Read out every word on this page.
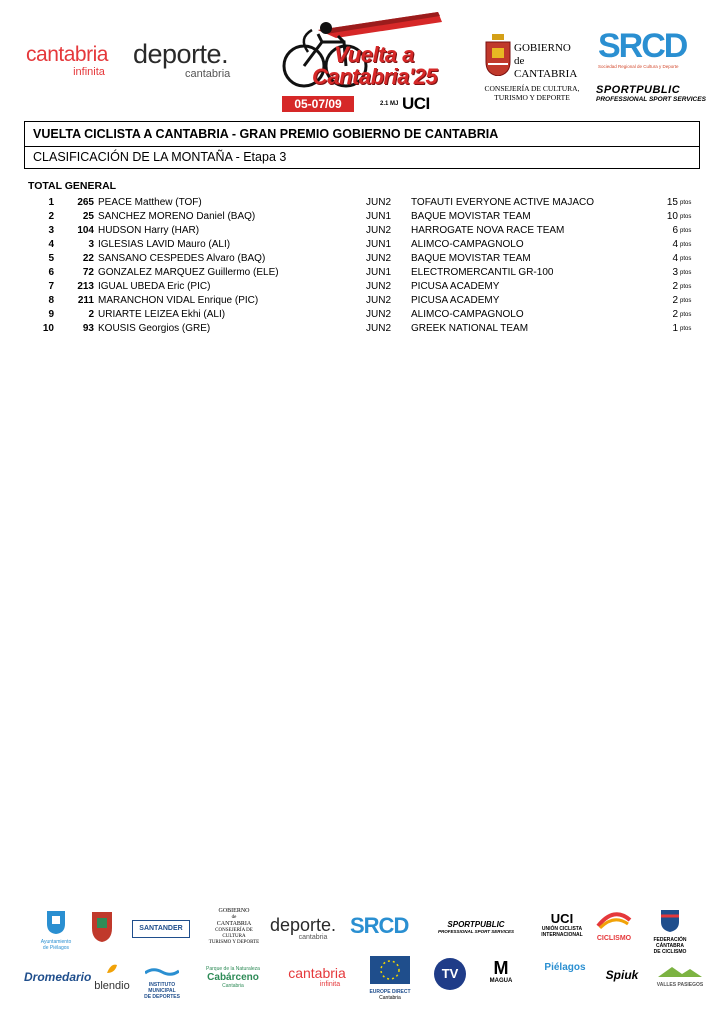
cantabria
infinita
deporte.
cantabria
Vuelta a
Cantabria'25
05-07/09	2.1 MJ UCI
GOBIERNO
de
CANTABRIA
CONSEJERÍA DE CULTURA,
TURISMO Y DEPORTE
SRCD
Sociedad Regional de Cultura y Deporte
SPORTPUBLIC
PROFESSIONAL SPORT SERVICES
VUELTA CICLISTA A CANTABRIA - GRAN PREMIO GOBIERNO DE CANTABRIA
CLASIFICACIÓN DE LA MONTAÑA - Etapa 3
TOTAL GENERAL
1	265 PEACE Matthew (TOF)	JUN2 TOFAUTI EVERYONE ACTIVE MAJACO	15 ptos
2	25 SANCHEZ MORENO Daniel (BAQ)	JUN1 BAQUE MOVISTAR TEAM	10 ptos
3	104 HUDSON Harry (HAR)	JUN2 HARROGATE NOVA RACE TEAM	6 ptos
4	3 IGLESIAS LAVID Mauro (ALI)	JUN1 ALIMCO-CAMPAGNOLO	4 ptos
5	22 SANSANO CESPEDES Alvaro (BAQ)	JUN2 BAQUE MOVISTAR TEAM	4 ptos
6	72 GONZALEZ MARQUEZ Guillermo (ELE)	JUN1 ELECTROMERCANTIL GR-100	3 ptos
7	213 IGUAL UBEDA Eric (PIC)	JUN2 PICUSA ACADEMY	2 ptos
8	211 MARANCHON VIDAL Enrique (PIC)	JUN2 PICUSA ACADEMY	2 ptos
9	2 URIARTE LEIZEA Ekhi (ALI)	JUN2 ALIMCO-CAMPAGNOLO	2 ptos
10	93 KOUSIS Georgios (GRE)	JUN2 GREEK NATIONAL TEAM	1 ptos
Ayuntamiento
de Piélagos
SANTANDER
GOBIERNO
de
CANTABRIA
CONSEJERÍA DE CULTURA
TURISMO Y DEPORTE
deporte.
cantabria	SRCD	SPORTPUBLIC
PROFESSIONAL SPORT SERVICES
UCI
UNIÓN CICLISTA
INTERNACIONAL	CICLISMO	FEDERACIÓN CÁNTABRA
DE CICLISMO
Dromedario
blendio	INSTITUTO MUNICIPAL
DE DEPORTES
Parque de la Naturaleza
Cabárceno
Cantabria
cantabria
infinita
EUROPE DIRECT
Cantabria
TV	M
MAGUA
Piélagos
Spiuk
VALLES PASIEGOS
